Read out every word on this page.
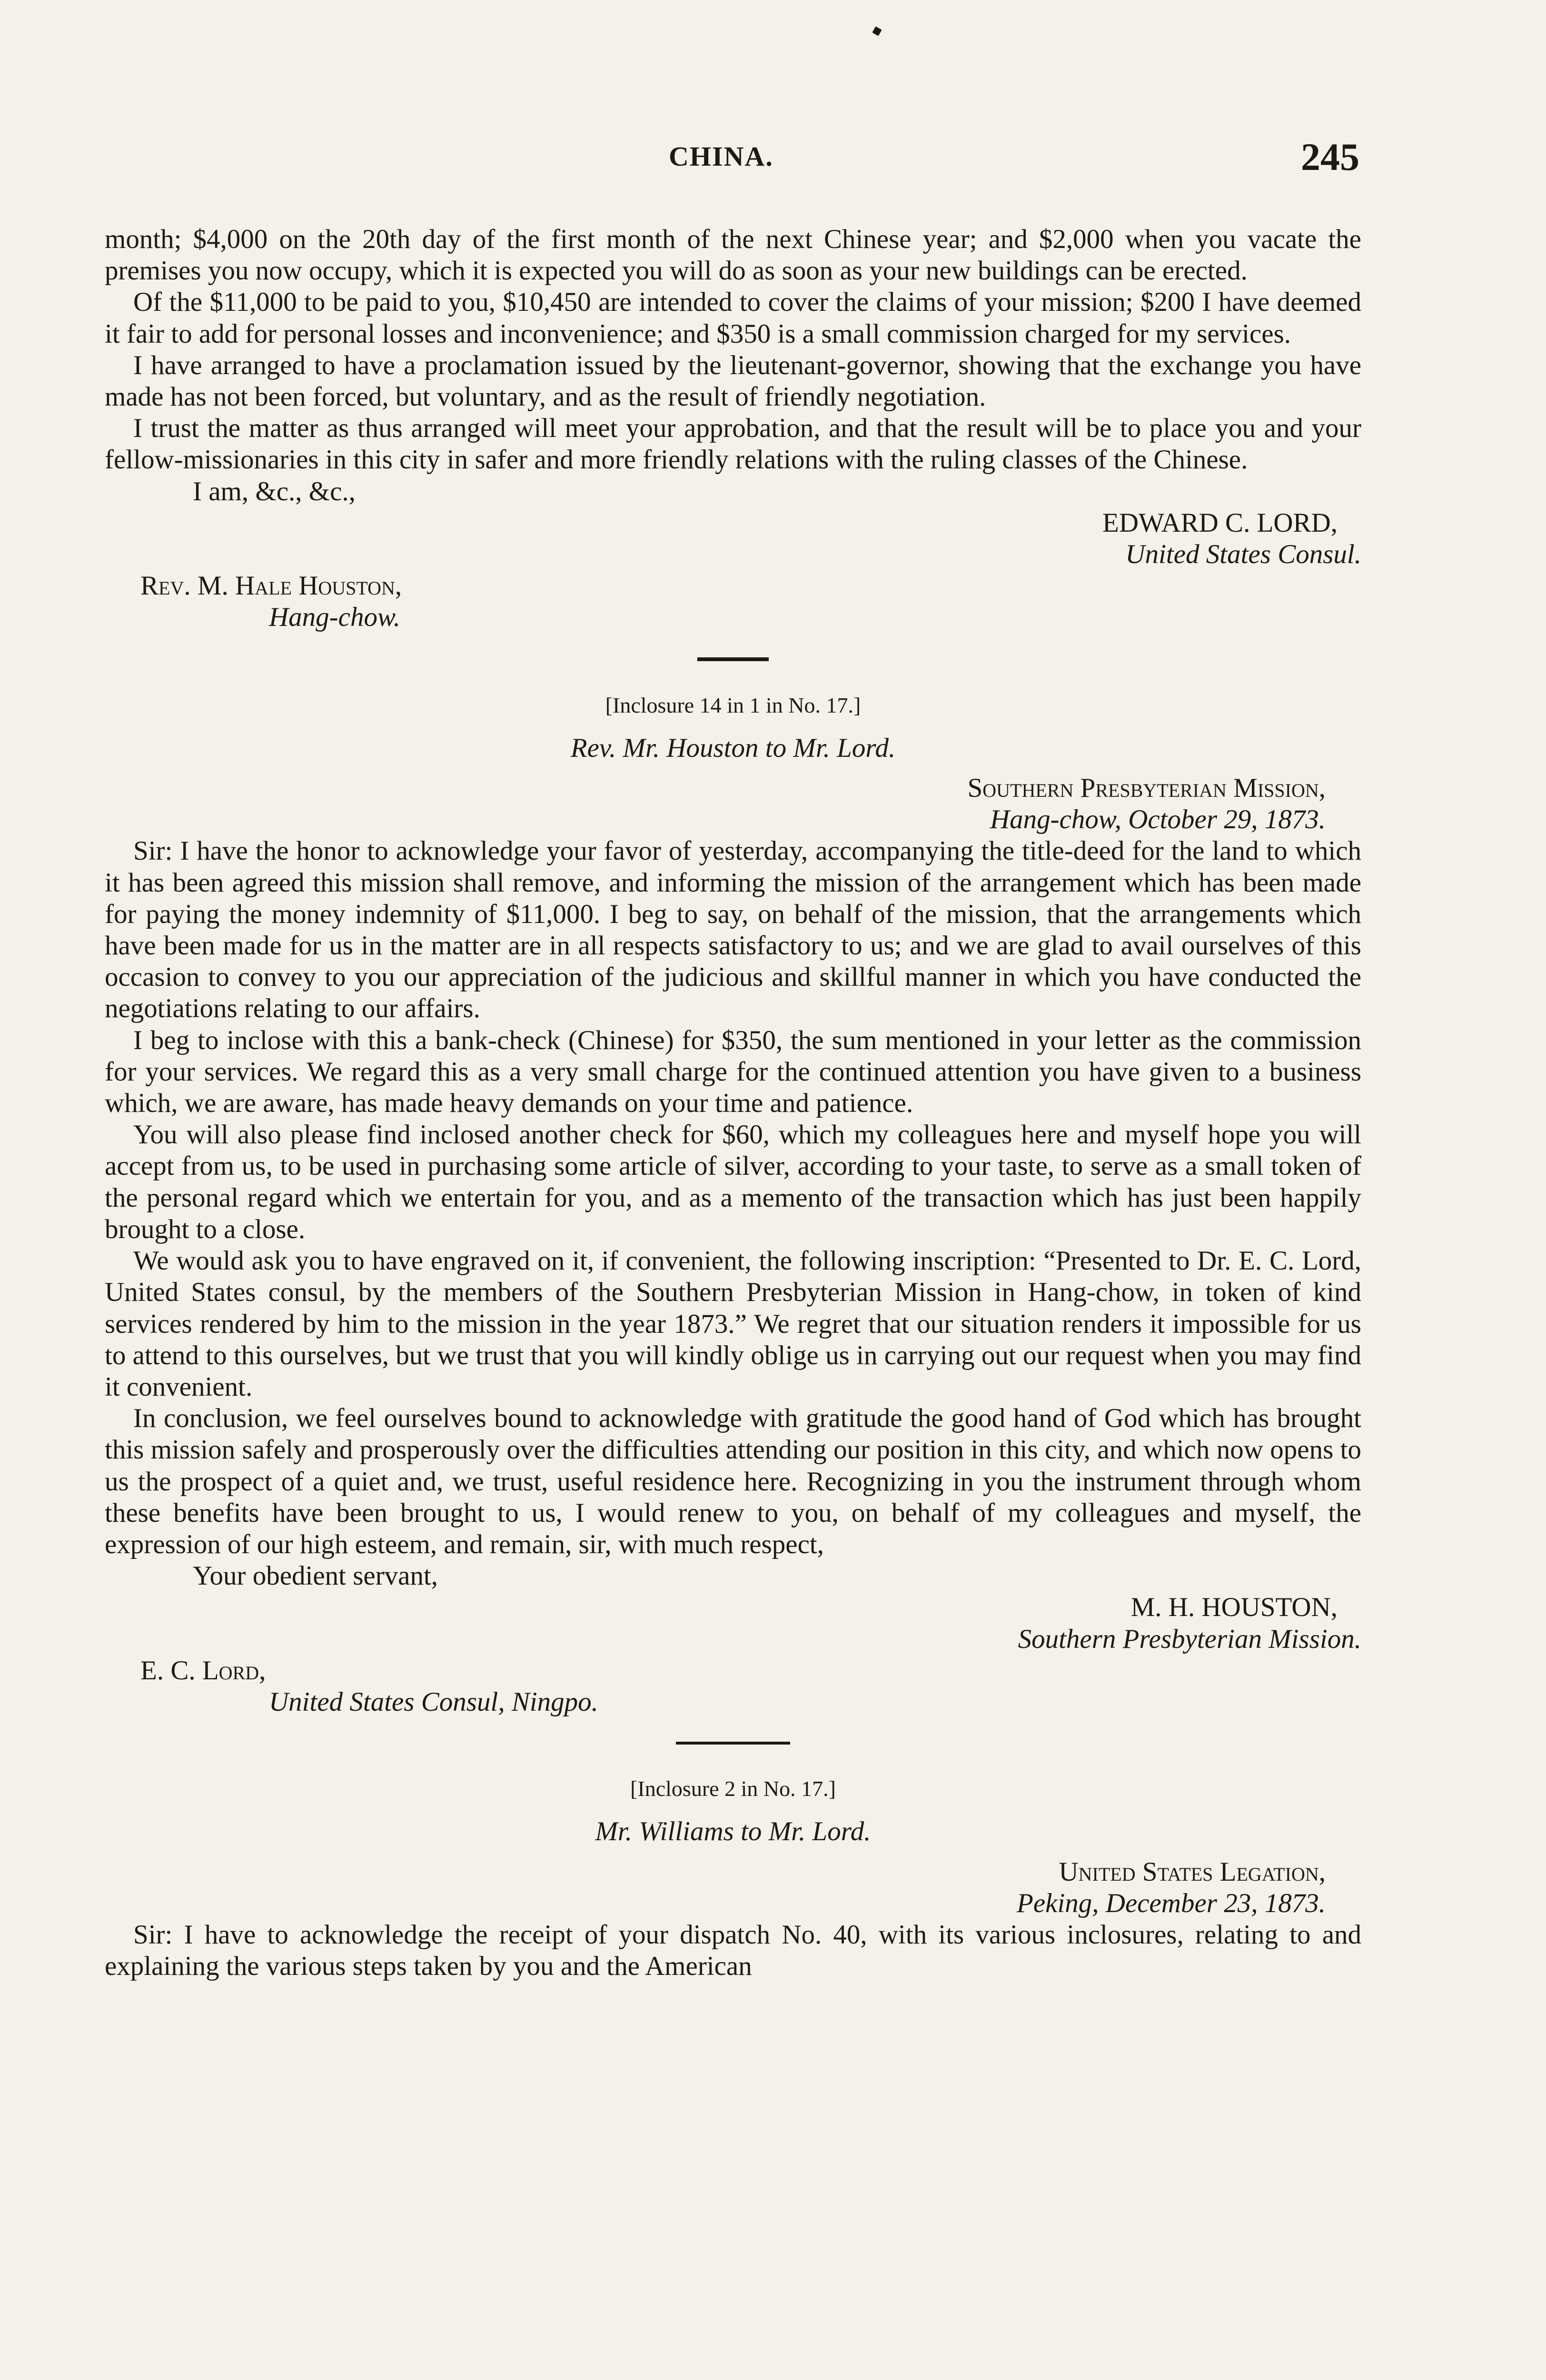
CHINA.	245

month; $4,000 on the 20th day of the first month of the next Chinese year; and $2,000 when you vacate the premises you now occupy, which it is expected you will do as soon as your new buildings can be erected.

Of the $11,000 to be paid to you, $10,450 are intended to cover the claims of your mission; $200 I have deemed it fair to add for personal losses and inconvenience; and $350 is a small commission charged for my services.

I have arranged to have a proclamation issued by the lieutenant-governor, showing that the exchange you have made has not been forced, but voluntary, and as the result of friendly negotiation.

I trust the matter as thus arranged will meet your approbation, and that the result will be to place you and your fellow-missionaries in this city in safer and more friendly relations with the ruling classes of the Chinese.

I am, &c., &c.,

EDWARD C. LORD,
United States Consul.
Rev. M. Hale Houston,
Hang-chow.
[Inclosure 14 in 1 in No. 17.]
Rev. Mr. Houston to Mr. Lord.
Southern Presbyterian Mission,
Hang-chow, October 29, 1873.

Sir: I have the honor to acknowledge your favor of yesterday, accompanying the title-deed for the land to which it has been agreed this mission shall remove, and informing the mission of the arrangement which has been made for paying the money indemnity of $11,000. I beg to say, on behalf of the mission, that the arrangements which have been made for us in the matter are in all respects satisfactory to us; and we are glad to avail ourselves of this occasion to convey to you our appreciation of the judicious and skillful manner in which you have conducted the negotiations relating to our affairs.

I beg to inclose with this a bank-check (Chinese) for $350, the sum mentioned in your letter as the commission for your services. We regard this as a very small charge for the continued attention you have given to a business which, we are aware, has made heavy demands on your time and patience.

You will also please find inclosed another check for $60, which my colleagues here and myself hope you will accept from us, to be used in purchasing some article of silver, according to your taste, to serve as a small token of the personal regard which we entertain for you, and as a memento of the transaction which has just been happily brought to a close.

We would ask you to have engraved on it, if convenient, the following inscription: “Presented to Dr. E. C. Lord, United States consul, by the members of the Southern Presbyterian Mission in Hang-chow, in token of kind services rendered by him to the mission in the year 1873.” We regret that our situation renders it impossible for us to attend to this ourselves, but we trust that you will kindly oblige us in carrying out our request when you may find it convenient.

In conclusion, we feel ourselves bound to acknowledge with gratitude the good hand of God which has brought this mission safely and prosperously over the difficulties attending our position in this city, and which now opens to us the prospect of a quiet and, we trust, useful residence here. Recognizing in you the instrument through whom these benefits have been brought to us, I would renew to you, on behalf of my colleagues and myself, the expression of our high esteem, and remain, sir, with much respect,

Your obedient servant,

M. H. HOUSTON,
Southern Presbyterian Mission.
E. C. Lord,
United States Consul, Ningpo.
[Inclosure 2 in No. 17.]
Mr. Williams to Mr. Lord.
United States Legation,
Peking, December 23, 1873.

Sir: I have to acknowledge the receipt of your dispatch No. 40, with its various inclosures, relating to and explaining the various steps taken by you and the American
